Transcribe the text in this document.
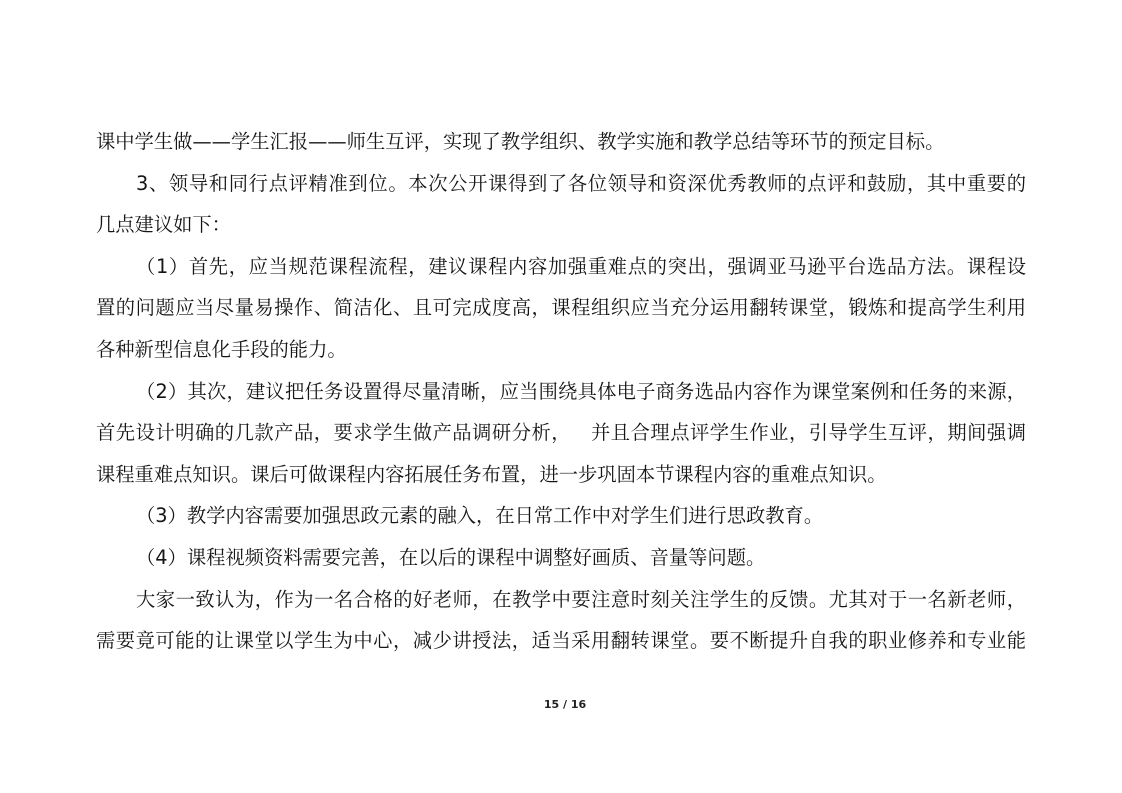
课中学生做——学生汇报——师生互评，实现了教学组织、教学实施和教学总结等环节的预定目标。
3、领导和同行点评精准到位。本次公开课得到了各位领导和资深优秀教师的点评和鼓励，其中重要的
几点建议如下：
（1）首先，应当规范课程流程，建议课程内容加强重难点的突出，强调亚马逊平台选品方法。课程设
置的问题应当尽量易操作、简洁化、且可完成度高，课程组织应当充分运用翻转课堂，锻炼和提高学生利用
各种新型信息化手段的能力。
（2）其次，建议把任务设置得尽量清晰，应当围绕具体电子商务选品内容作为课堂案例和任务的来源，
首先设计明确的几款产品，要求学生做产品调研分析，   并且合理点评学生作业，引导学生互评，期间强调
课程重难点知识。课后可做课程内容拓展任务布置，进一步巩固本节课程内容的重难点知识。
（3）教学内容需要加强思政元素的融入，在日常工作中对学生们进行思政教育。
（4）课程视频资料需要完善，在以后的课程中调整好画质、音量等问题。
大家一致认为，作为一名合格的好老师，在教学中要注意时刻关注学生的反馈。尤其对于一名新老师，
需要竟可能的让课堂以学生为中心，减少讲授法，适当采用翻转课堂。要不断提升自我的职业修养和专业能
15 / 16
